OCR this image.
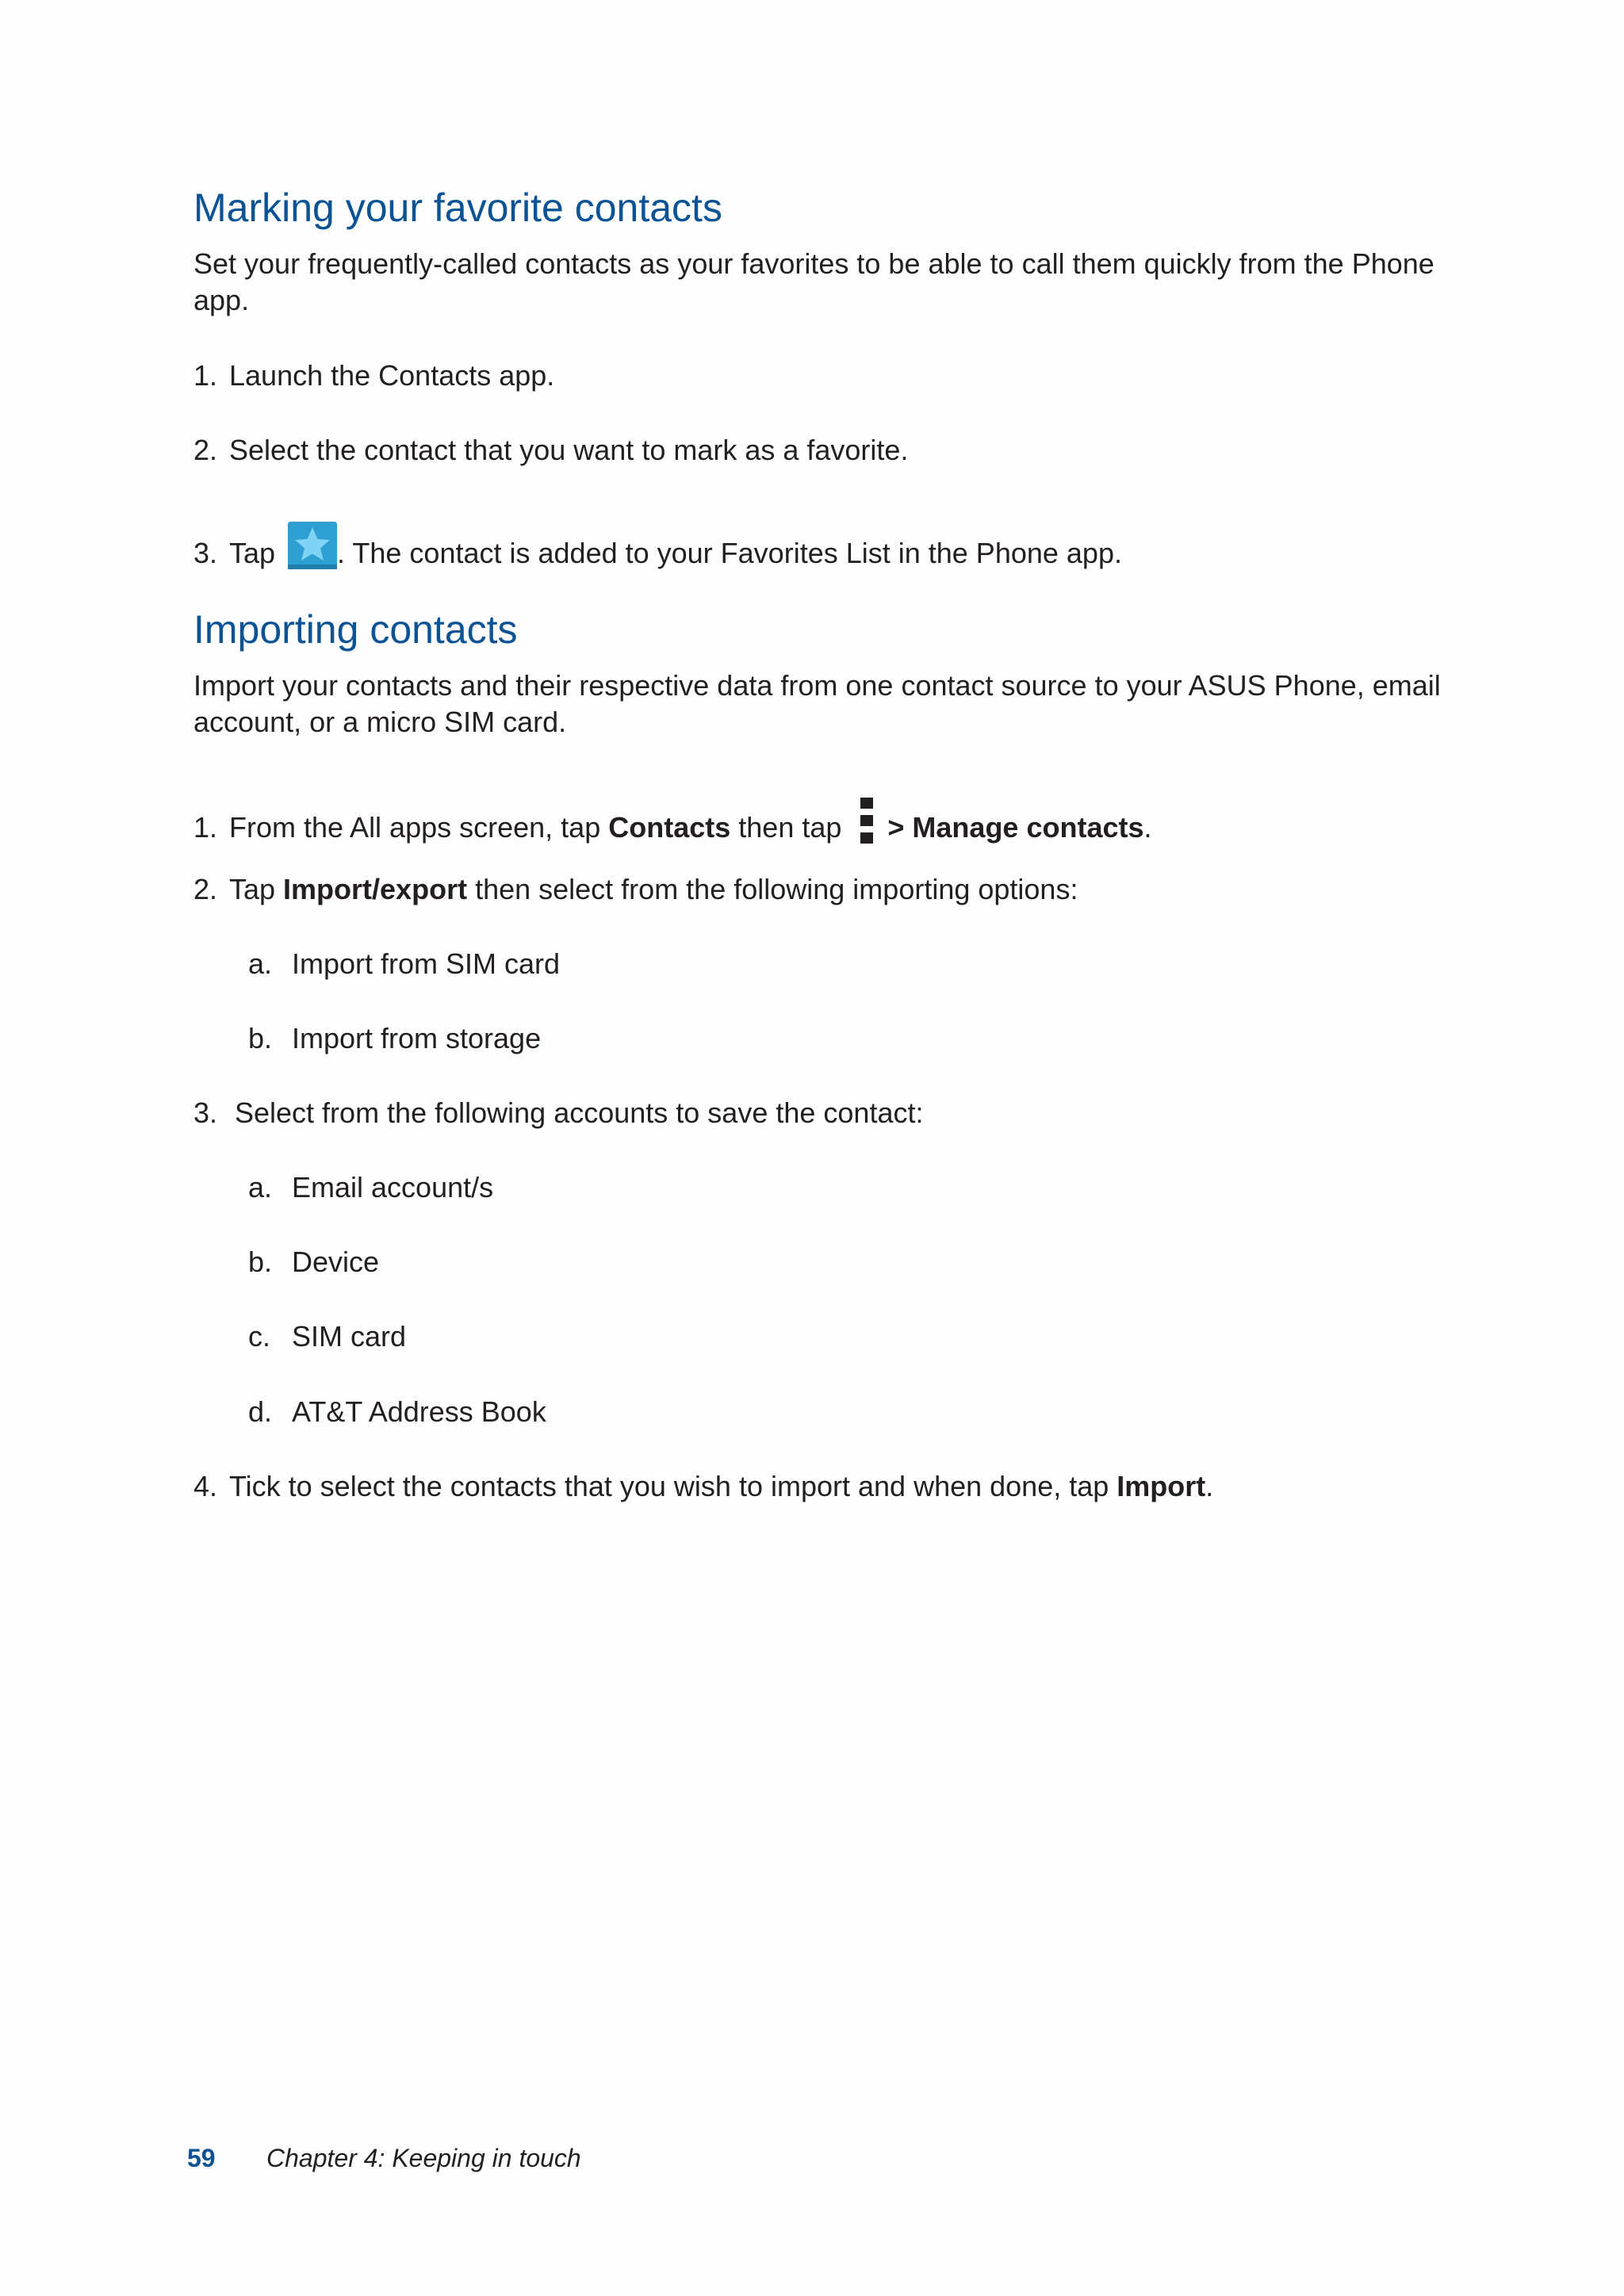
Marking your favorite contacts

Set your frequently-called contacts as your favorites to be able to call them quickly from the Phone app.

1. Launch the Contacts app.

2. Select the contact that you want to mark as a favorite.

3. Tap . The contact is added to your Favorites List in the Phone app.

Importing contacts

Import your contacts and their respective data from one contact source to your ASUS Phone, email account, or a micro SIM card.

1. From the All apps screen, tap Contacts then tap > Manage contacts.

2. Tap Import/export then select from the following importing options:

a. Import from SIM card

b. Import from storage

3. Select from the following accounts to save the contact:

a. Email account/s

b. Device

c. SIM card

d. AT&T Address Book

4. Tick to select the contacts that you wish to import and when done, tap Import.

59 Chapter 4: Keeping in touch
